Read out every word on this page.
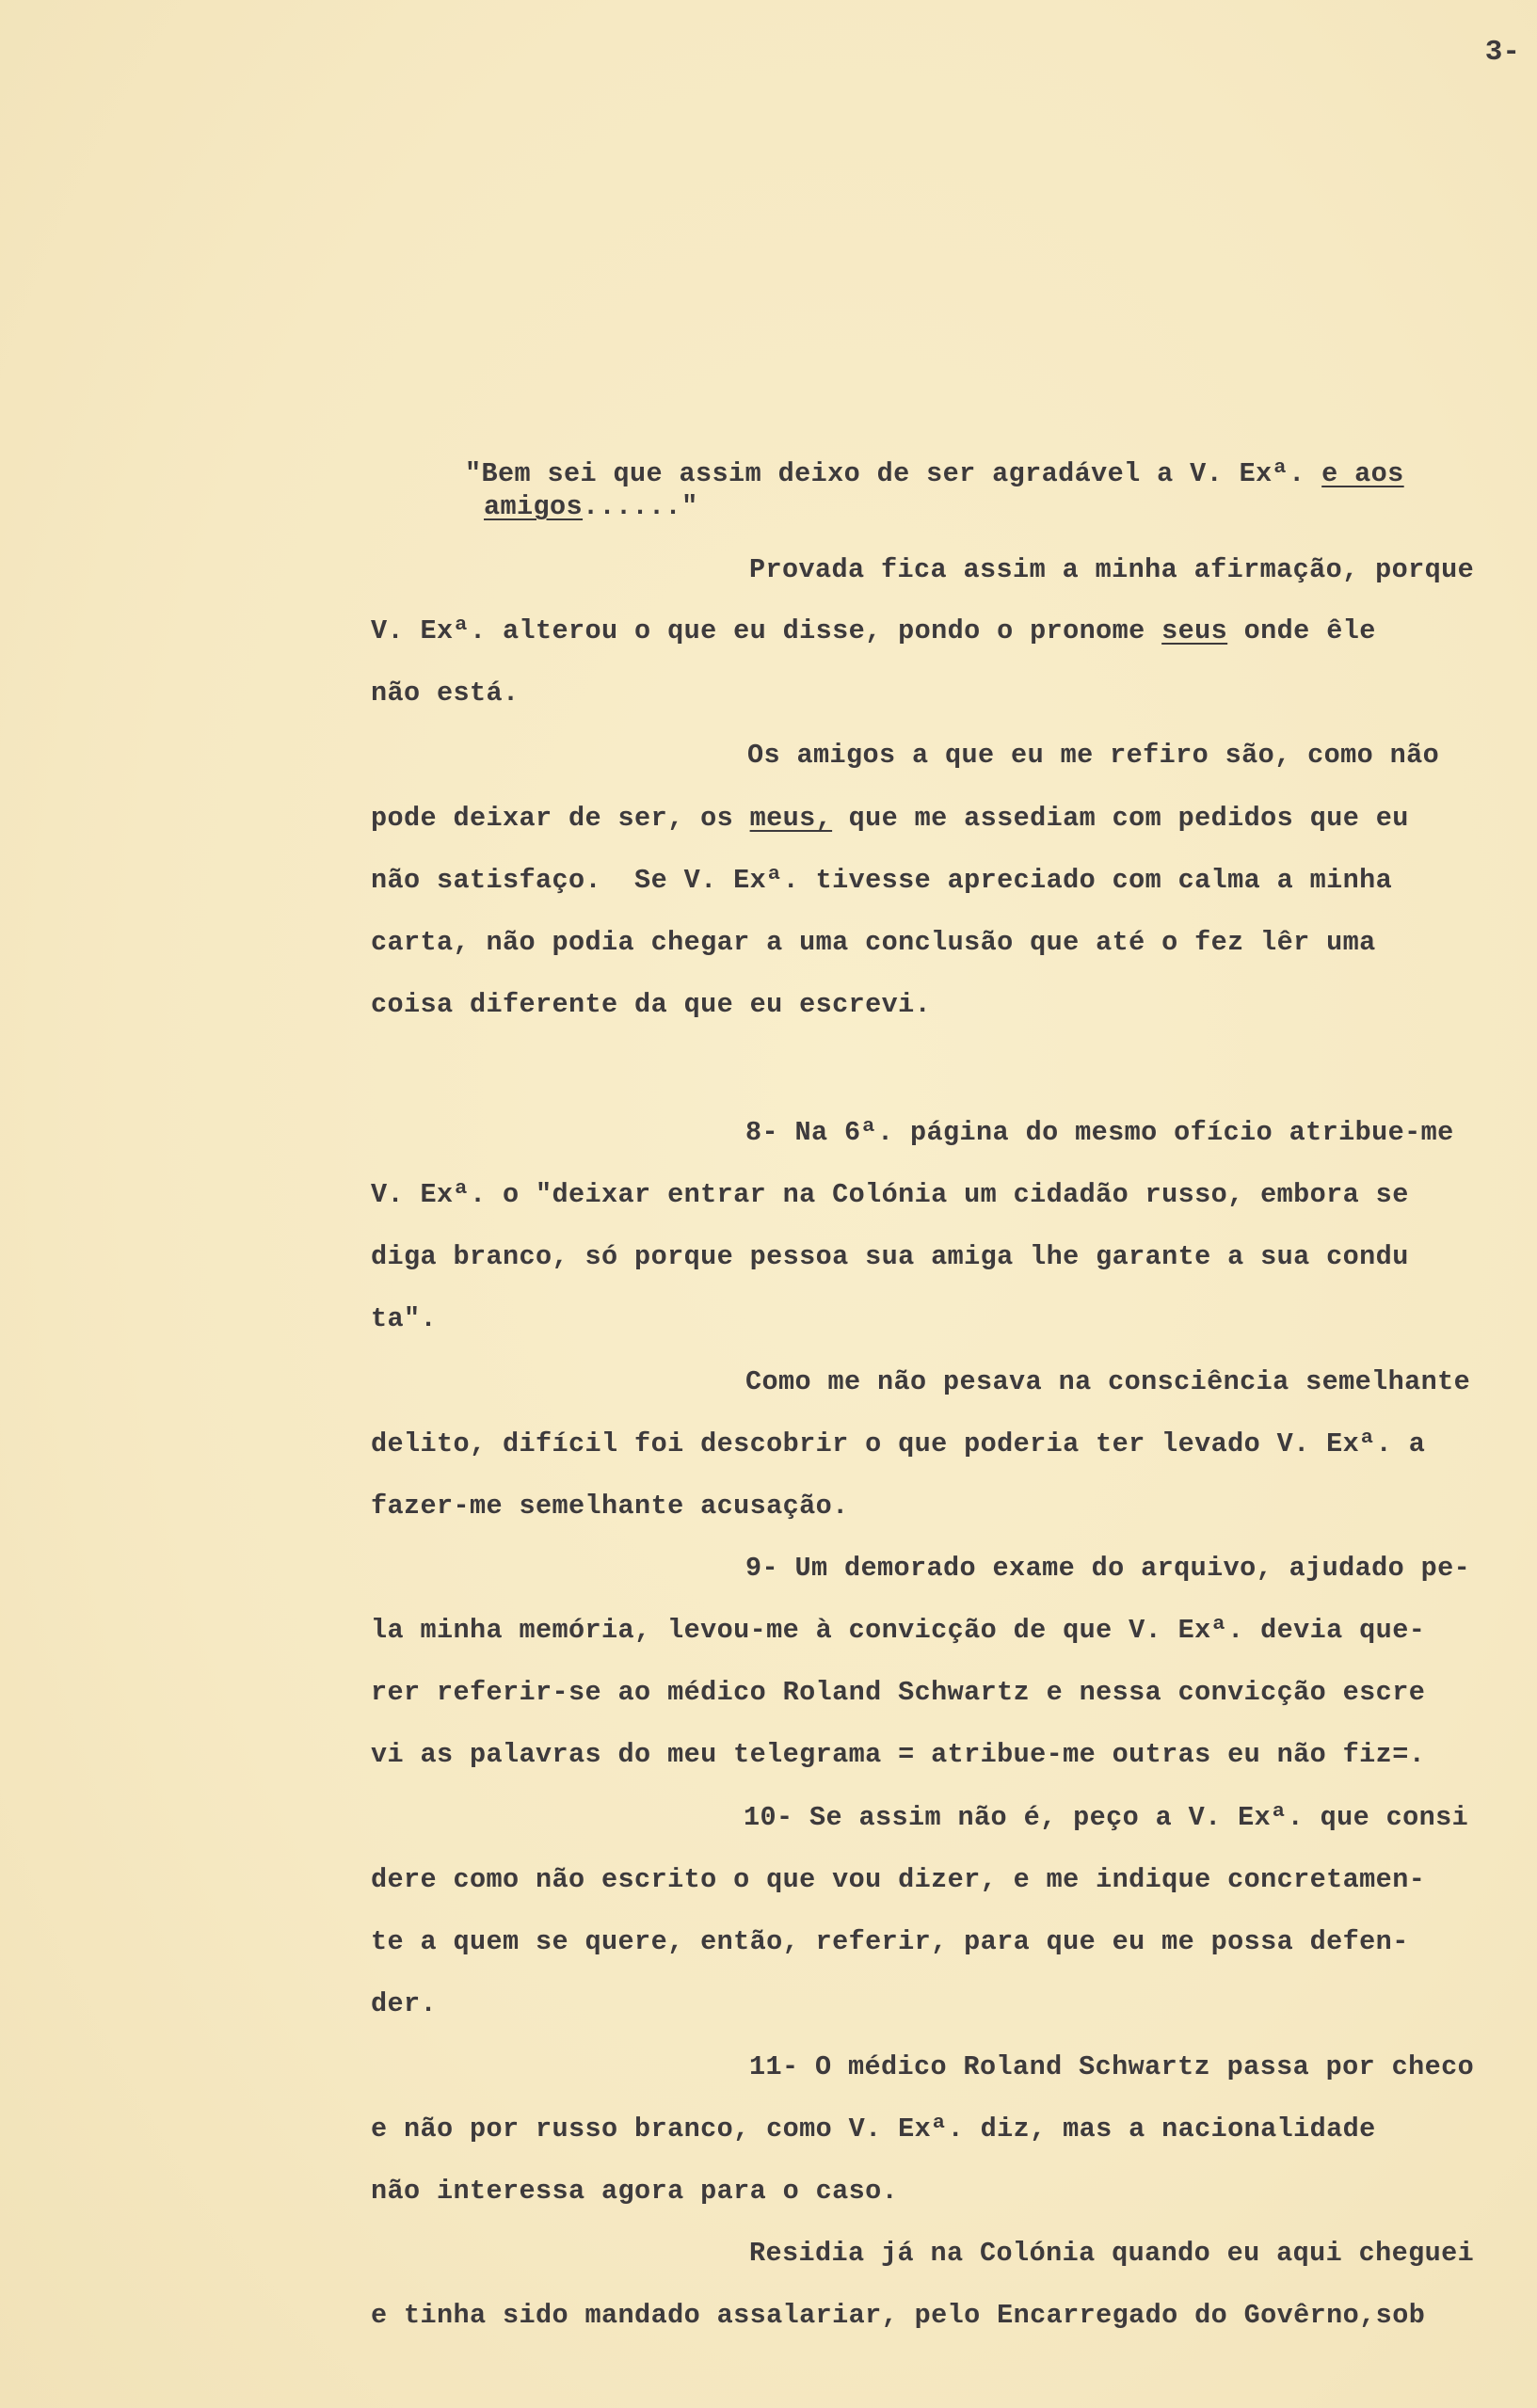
3-

"Bem sei que assim deixo de ser agradável a V. Exª. e aos

amigos......"

Provada fica assim a minha afirmação, porque

V. Exª. alterou o que eu disse, pondo o pronome seus onde êle

não está.

Os amigos a que eu me refiro são, como não

pode deixar de ser, os meus, que me assediam com pedidos que eu

não satisfaço.  Se V. Exª. tivesse apreciado com calma a minha

carta, não podia chegar a uma conclusão que até o fez lêr uma

coisa diferente da que eu escrevi.

8- Na 6ª. página do mesmo ofício atribue-me

V. Exª. o "deixar entrar na Colónia um cidadão russo, embora se

diga branco, só porque pessoa sua amiga lhe garante a sua condu

ta".

Como me não pesava na consciência semelhante

delito, difícil foi descobrir o que poderia ter levado V. Exª. a

fazer-me semelhante acusação.

9- Um demorado exame do arquivo, ajudado pe-

la minha memória, levou-me à convicção de que V. Exª. devia que-

rer referir-se ao médico Roland Schwartz e nessa convicção escre

vi as palavras do meu telegrama = atribue-me outras eu não fiz=.

10- Se assim não é, peço a V. Exª. que consi

dere como não escrito o que vou dizer, e me indique concretamen-

te a quem se quere, então, referir, para que eu me possa defen-

der.

11- O médico Roland Schwartz passa por checo

e não por russo branco, como V. Exª. diz, mas a nacionalidade

não interessa agora para o caso.

Residia já na Colónia quando eu aqui cheguei

e tinha sido mandado assalariar, pelo Encarregado do Govêrno,sob
